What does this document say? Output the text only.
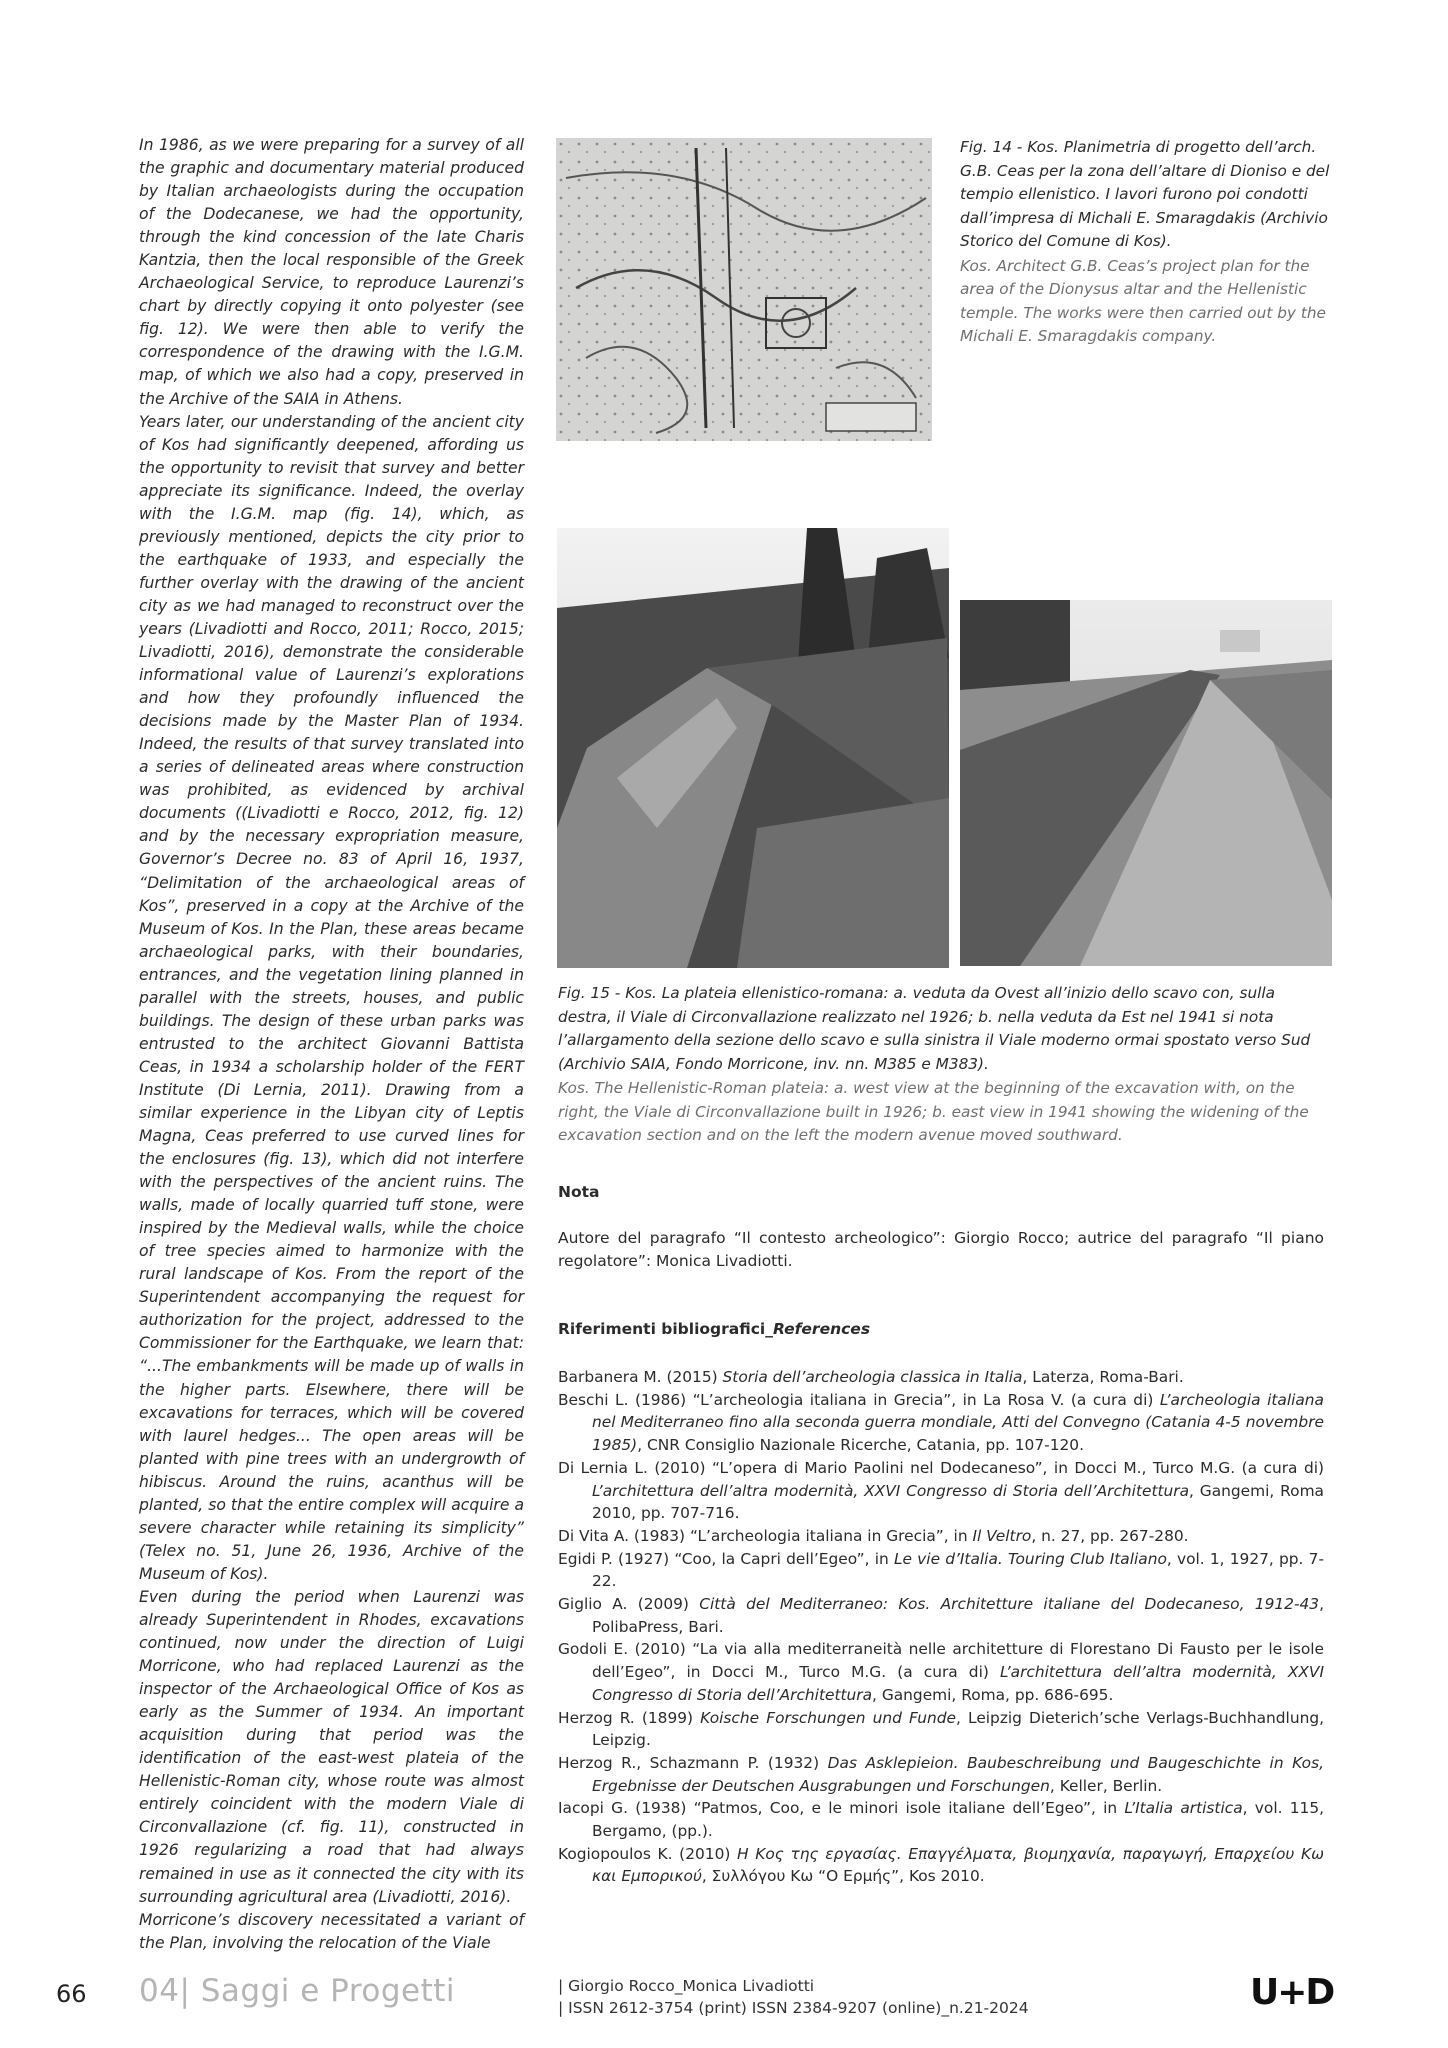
In 1986, as we were preparing for a survey of all the graphic and documentary material produced by Italian archaeologists during the occupation of the Dodecanese, we had the opportunity, through the kind concession of the late Charis Kantzia, then the local responsible of the Greek Archaeological Service, to reproduce Laurenzi’s chart by directly copying it onto polyester (see fig. 12). We were then able to verify the correspondence of the drawing with the I.G.M. map, of which we also had a copy, preserved in the Archive of the SAIA in Athens.

Years later, our understanding of the ancient city of Kos had significantly deepened, affording us the opportunity to revisit that survey and better appreciate its significance. Indeed, the overlay with the I.G.M. map (fig. 14), which, as previously mentioned, depicts the city prior to the earthquake of 1933, and especially the further overlay with the drawing of the ancient city as we had managed to reconstruct over the years (Livadiotti and Rocco, 2011; Rocco, 2015; Livadiotti, 2016), demonstrate the considerable informational value of Laurenzi’s explorations and how they profoundly influenced the decisions made by the Master Plan of 1934. Indeed, the results of that survey translated into a series of delineated areas where construction was prohibited, as evidenced by archival documents ((Livadiotti e Rocco, 2012, fig. 12) and by the necessary expropriation measure, Governor’s Decree no. 83 of April 16, 1937, “Delimitation of the archaeological areas of Kos”, preserved in a copy at the Archive of the Museum of Kos. In the Plan, these areas became archaeological parks, with their boundaries, entrances, and the vegetation lining planned in parallel with the streets, houses, and public buildings. The design of these urban parks was entrusted to the architect Giovanni Battista Ceas, in 1934 a scholarship holder of the FERT Institute (Di Lernia, 2011). Drawing from a similar experience in the Libyan city of Leptis Magna, Ceas preferred to use curved lines for the enclosures (fig. 13), which did not interfere with the perspectives of the ancient ruins. The walls, made of locally quarried tuff stone, were inspired by the Medieval walls, while the choice of tree species aimed to harmonize with the rural landscape of Kos. From the report of the Superintendent accompanying the request for authorization for the project, addressed to the Commissioner for the Earthquake, we learn that: “...The embankments will be made up of walls in the higher parts. Elsewhere, there will be excavations for terraces, which will be covered with laurel hedges... The open areas will be planted with pine trees with an undergrowth of hibiscus. Around the ruins, acanthus will be planted, so that the entire complex will acquire a severe character while retaining its simplicity” (Telex no. 51, June 26, 1936, Archive of the Museum of Kos).

Even during the period when Laurenzi was already Superintendent in Rhodes, excavations continued, now under the direction of Luigi Morricone, who had replaced Laurenzi as the inspector of the Archaeological Office of Kos as early as the Summer of 1934. An important acquisition during that period was the identification of the east-west plateia of the Hellenistic-Roman city, whose route was almost entirely coincident with the modern Viale di Circonvallazione (cf. fig. 11), constructed in 1926 regularizing a road that had always remained in use as it connected the city with its surrounding agricultural area (Livadiotti, 2016).

Morricone’s discovery necessitated a variant of the Plan, involving the relocation of the Viale

Fig. 14 - Kos. Planimetria di progetto dell’arch. G.B. Ceas per la zona dell’altare di Dioniso e del tempio ellenistico. I lavori furono poi condotti dall’impresa di Michali E. Smaragdakis (Archivio Storico del Comune di Kos).

Kos. Architect G.B. Ceas’s project plan for the area of the Dionysus altar and the Hellenistic temple. The works were then carried out by the Michali E. Smaragdakis company.

Fig. 15 - Kos. La plateia ellenistico-romana: a. veduta da Ovest all’inizio dello scavo con, sulla destra, il Viale di Circonvallazione realizzato nel 1926; b. nella veduta da Est nel 1941 si nota l’allargamento della sezione dello scavo e sulla sinistra il Viale moderno ormai spostato verso Sud (Archivio SAIA, Fondo Morricone, inv. nn. M385 e M383).

Kos. The Hellenistic-Roman plateia: a. west view at the beginning of the excavation with, on the right, the Viale di Circonvallazione built in 1926; b. east view in 1941 showing the widening of the excavation section and on the left the modern avenue moved southward.

Nota
Autore del paragrafo “Il contesto archeologico”: Giorgio Rocco; autrice del paragrafo “Il piano regolatore”: Monica Livadiotti.
Riferimenti bibliografici_References

Barbanera M. (2015) Storia dell’archeologia classica in Italia, Laterza, Roma-Bari.

Beschi L. (1986) “L’archeologia italiana in Grecia”, in La Rosa V. (a cura di) L’archeologia italiana nel Mediterraneo fino alla seconda guerra mondiale, Atti del Convegno (Catania 4-5 novembre 1985), CNR Consiglio Nazionale Ricerche, Catania, pp. 107-120.

Di Lernia L. (2010) “L’opera di Mario Paolini nel Dodecaneso”, in Docci M., Turco M.G. (a cura di) L’architettura dell’altra modernità, XXVI Congresso di Storia dell’Architettura, Gangemi, Roma 2010, pp. 707-716.

Di Vita A. (1983) “L’archeologia italiana in Grecia”, in Il Veltro, n. 27, pp. 267-280.

Egidi P. (1927) “Coo, la Capri dell’Egeo”, in Le vie d’Italia. Touring Club Italiano, vol. 1, 1927, pp. 7-22.

Giglio A. (2009) Città del Mediterraneo: Kos. Architetture italiane del Dodecaneso, 1912-43, PolibaPress, Bari.

Godoli E. (2010) “La via alla mediterraneità nelle architetture di Florestano Di Fausto per le isole dell’Egeo”, in Docci M., Turco M.G. (a cura di) L’architettura dell’altra modernità, XXVI Congresso di Storia dell’Architettura, Gangemi, Roma, pp. 686-695.

Herzog R. (1899) Koische Forschungen und Funde, Leipzig Dieterich’sche Verlags-Buchhandlung, Leipzig.

Herzog R., Schazmann P. (1932) Das Asklepieion. Baubeschreibung und Baugeschichte in Kos, Ergebnisse der Deutschen Ausgrabungen und Forschungen, Keller, Berlin.

Iacopi G. (1938) “Patmos, Coo, e le minori isole italiane dell’Egeo”, in L’Italia artistica, vol. 115, Bergamo, (pp.).

Kogiopoulos K. (2010) Η Κος της εργασίας. Επαγγέλματα, βιομηχανία, παραγωγή, Επαρχείου Κω και Εμπορικού, Συλλόγου Κω “Ο Ερμής”, Kos 2010.

66 04| Saggi e Progetti	| Giorgio Rocco_Monica Livadiotti
| ISSN 2612-3754 (print) ISSN 2384-9207 (online)_n.21-2024	U+D
